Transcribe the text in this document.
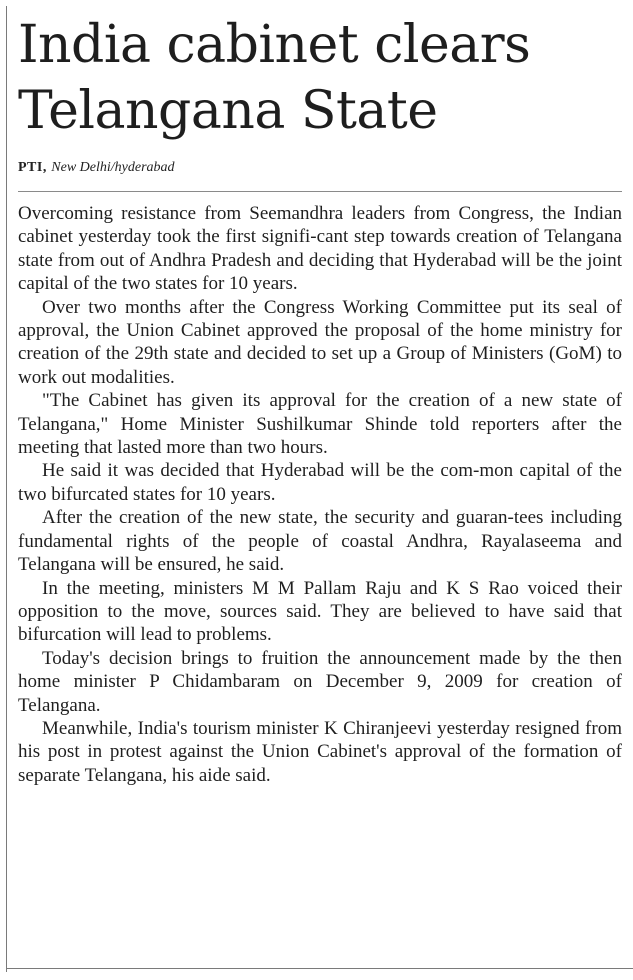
India cabinet clears
Telangana State
PTI, New Delhi/hyderabad

Overcoming resistance from Seemandhra leaders from Congress, the Indian cabinet yesterday took the first signifi-cant step towards creation of Telangana state from out of Andhra Pradesh and deciding that Hyderabad will be the joint capital of the two states for 10 years.

Over two months after the Congress Working Committee put its seal of approval, the Union Cabinet approved the proposal of the home ministry for creation of the 29th state and decided to set up a Group of Ministers (GoM) to work out modalities.

"The Cabinet has given its approval for the creation of a new state of Telangana," Home Minister Sushilkumar Shinde told reporters after the meeting that lasted more than two hours.

He said it was decided that Hyderabad will be the com-mon capital of the two bifurcated states for 10 years.

After the creation of the new state, the security and guaran-tees including fundamental rights of the people of coastal Andhra, Rayalaseema and Telangana will be ensured, he said.

In the meeting, ministers M M Pallam Raju and K S Rao voiced their opposition to the move, sources said. They are believed to have said that bifurcation will lead to problems.

Today's decision brings to fruition the announcement made by the then home minister P Chidambaram on December 9, 2009 for creation of Telangana.

Meanwhile, India's tourism minister K Chiranjeevi yesterday resigned from his post in protest against the Union Cabinet's approval of the formation of separate Telangana, his aide said.
